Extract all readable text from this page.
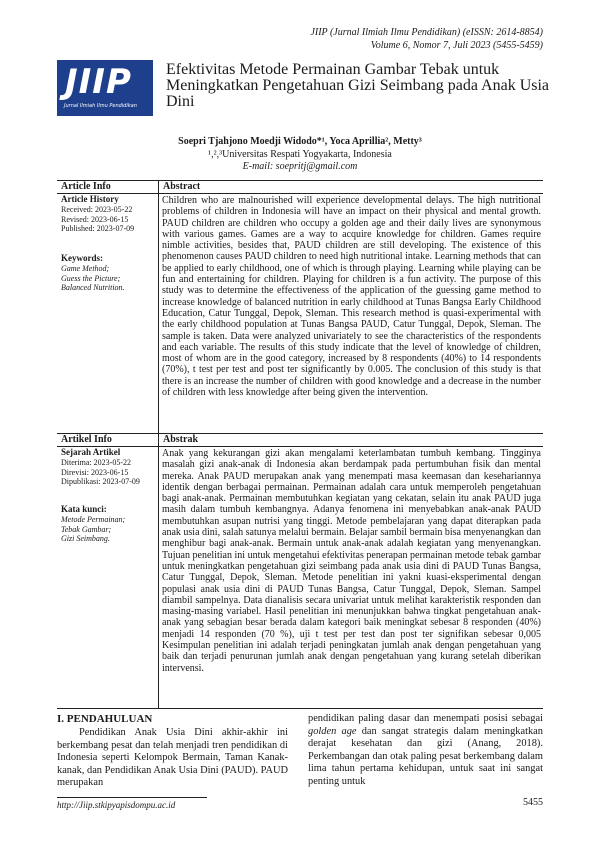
JIIP (Jurnal Ilmiah Ilmu Pendidikan) (eISSN: 2614-8854)
Volume 6, Nomor 7, Juli 2023 (5455-5459)
JIIP
Jurnal Ilmiah Ilmu Pendidikan
Efektivitas Metode Permainan Gambar Tebak untuk Meningkatkan Pengetahuan Gizi Seimbang pada Anak Usia Dini
Soepri Tjahjono Moedji Widodo*¹, Yoca Aprillia², Metty³
¹,²,³Universitas Respati Yogyakarta, Indonesia
E-mail: soepritj@gmail.com
Article Info	Abstract
Article History
Received: 2023-05-22
Revised: 2023-06-15
Published: 2023-07-09
Keywords:
Game Method;
Guess the Picture;
Balanced Nutrition.
Children who are malnourished will experience developmental delays. The high nutritional problems of children in Indonesia will have an impact on their physical and mental growth. PAUD children are children who occupy a golden age and their daily lives are synonymous with various games. Games are a way to acquire knowledge for children. Games require nimble activities, besides that, PAUD children are still developing. The existence of this phenomenon causes PAUD children to need high nutritional intake. Learning methods that can be applied to early childhood, one of which is through playing. Learning while playing can be fun and entertaining for children. Playing for children is a fun activity. The purpose of this study was to determine the effectiveness of the application of the guessing game method to increase knowledge of balanced nutrition in early childhood at Tunas Bangsa Early Childhood Education, Catur Tunggal, Depok, Sleman. This research method is quasi-experimental with the early childhood population at Tunas Bangsa PAUD, Catur Tunggal, Depok, Sleman. The sample is taken. Data were analyzed univariately to see the characteristics of the respondents and each variable. The results of this study indicate that the level of knowledge of children, most of whom are in the good category, increased by 8 respondents (40%) to 14 respondents (70%), t test per test and post ter significantly by 0.005. The conclusion of this study is that there is an increase the number of children with good knowledge and a decrease in the number of children with less knowledge after being given the intervention.
Artikel Info	Abstrak
Sejarah Artikel
Diterima: 2023-05-22
Direvisi: 2023-06-15
Dipublikasi: 2023-07-09
Kata kunci:
Metode Permainan;
Tebak Gambar;
Gizi Seimbang.
Anak yang kekurangan gizi akan mengalami keterlambatan tumbuh kembang. Tingginya masalah gizi anak-anak di Indonesia akan berdampak pada pertumbuhan fisik dan mental mereka. Anak PAUD merupakan anak yang menempati masa keemasan dan kesehariannya identik dengan berbagai permainan. Permainan adalah cara untuk memperoleh pengetahuan bagi anak-anak. Permainan membutuhkan kegiatan yang cekatan, selain itu anak PAUD juga masih dalam tumbuh kembangnya. Adanya fenomena ini menyebabkan anak-anak PAUD membutuhkan asupan nutrisi yang tinggi. Metode pembelajaran yang dapat diterapkan pada anak usia dini, salah satunya melalui bermain. Belajar sambil bermain bisa menyenangkan dan menghibur bagi anak-anak. Bermain untuk anak-anak adalah kegiatan yang menyenangkan. Tujuan penelitian ini untuk mengetahui efektivitas penerapan permainan metode tebak gambar untuk meningkatkan pengetahuan gizi seimbang pada anak usia dini di PAUD Tunas Bangsa, Catur Tunggal, Depok, Sleman. Metode penelitian ini yakni kuasi-eksperimental dengan populasi anak usia dini di PAUD Tunas Bangsa, Catur Tunggal, Depok, Sleman. Sampel diambil sampelnya. Data dianalisis secara univariat untuk melihat karakteristik responden dan masing-masing variabel. Hasil penelitian ini menunjukkan bahwa tingkat pengetahuan anak-anak yang sebagian besar berada dalam kategori baik meningkat sebesar 8 responden (40%) menjadi 14 responden (70 %), uji t test per test dan post ter signifikan sebesar 0,005 Kesimpulan penelitian ini adalah terjadi peningkatan jumlah anak dengan pengetahuan yang baik dan terjadi penurunan jumlah anak dengan pengetahuan yang kurang setelah diberikan intervensi.
I. PENDAHULUAN
Pendidikan Anak Usia Dini akhir-akhir ini berkembang pesat dan telah menjadi tren pendidikan di Indonesia seperti Kelompok Bermain, Taman Kanak-kanak, dan Pendidikan Anak Usia Dini (PAUD). PAUD merupakan
pendidikan paling dasar dan menempati posisi sebagai golden age dan sangat strategis dalam meningkatkan derajat kesehatan dan gizi (Anang, 2018). Perkembangan dan otak paling pesat berkembang dalam lima tahun pertama kehidupan, untuk saat ini sangat penting untuk
http://Jiip.stkipyapisdompu.ac.id	5455
